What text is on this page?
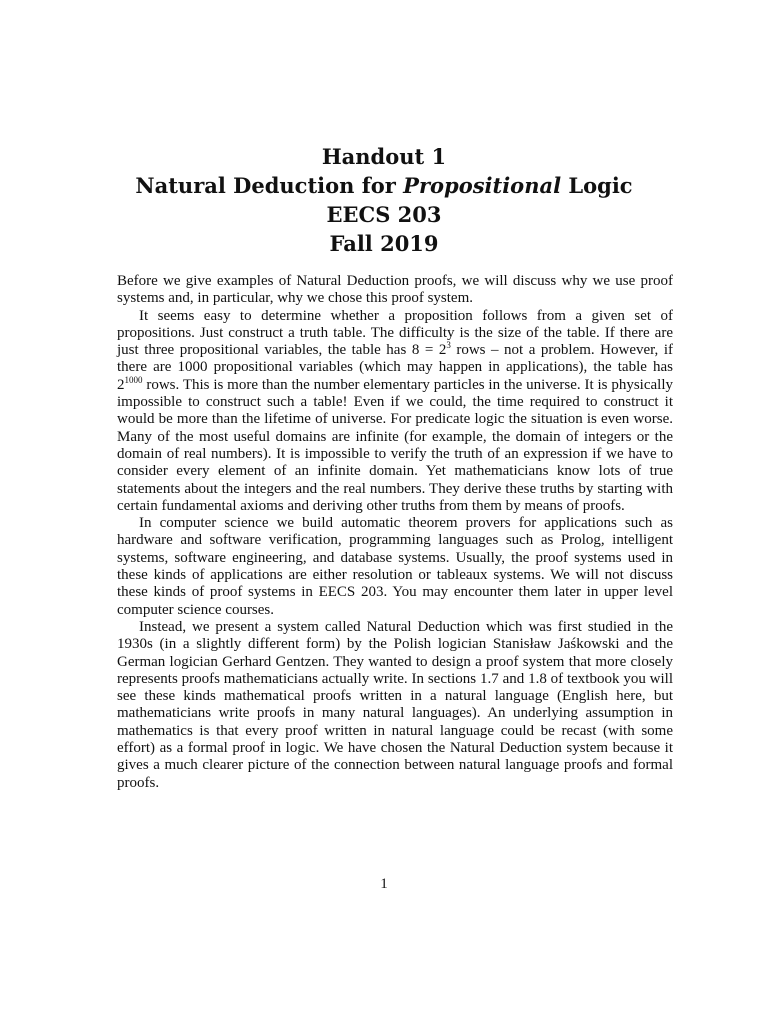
Handout 1
Natural Deduction for Propositional Logic
EECS 203
Fall 2019

Before we give examples of Natural Deduction proofs, we will discuss why we use proof systems and, in particular, why we chose this proof system.

It seems easy to determine whether a proposition follows from a given set of propositions. Just construct a truth table. The difficulty is the size of the table. If there are just three propositional variables, the table has $8 = 2^3$ rows – not a problem. However, if there are 1000 propositional variables (which may happen in applications), the table has $2^{1000}$ rows. This is more than the number elementary particles in the universe. It is physically impossible to construct such a table! Even if we could, the time required to construct it would be more than the lifetime of universe. For predicate logic the situation is even worse. Many of the most useful domains are infinite (for example, the domain of integers or the domain of real numbers). It is impossible to verify the truth of an expression if we have to consider every element of an infinite domain. Yet mathematicians know lots of true statements about the integers and the real numbers. They derive these truths by starting with certain fundamental axioms and deriving other truths from them by means of proofs.

In computer science we build automatic theorem provers for applications such as hardware and software verification, programming languages such as Prolog, intelligent systems, software engineering, and database systems. Usually, the proof systems used in these kinds of applications are either resolution or tableaux systems. We will not discuss these kinds of proof systems in EECS 203. You may encounter them later in upper level computer science courses.

Instead, we present a system called Natural Deduction which was first studied in the 1930s (in a slightly different form) by the Polish logician Stanisław Jaśkowski and the German logician Gerhard Gentzen. They wanted to design a proof system that more closely represents proofs mathematicians actually write. In sections 1.7 and 1.8 of textbook you will see these kinds mathematical proofs written in a natural language (English here, but mathematicians write proofs in many natural languages). An underlying assumption in mathematics is that every proof written in natural language could be recast (with some effort) as a formal proof in logic. We have chosen the Natural Deduction system because it gives a much clearer picture of the connection between natural language proofs and formal proofs.

1
